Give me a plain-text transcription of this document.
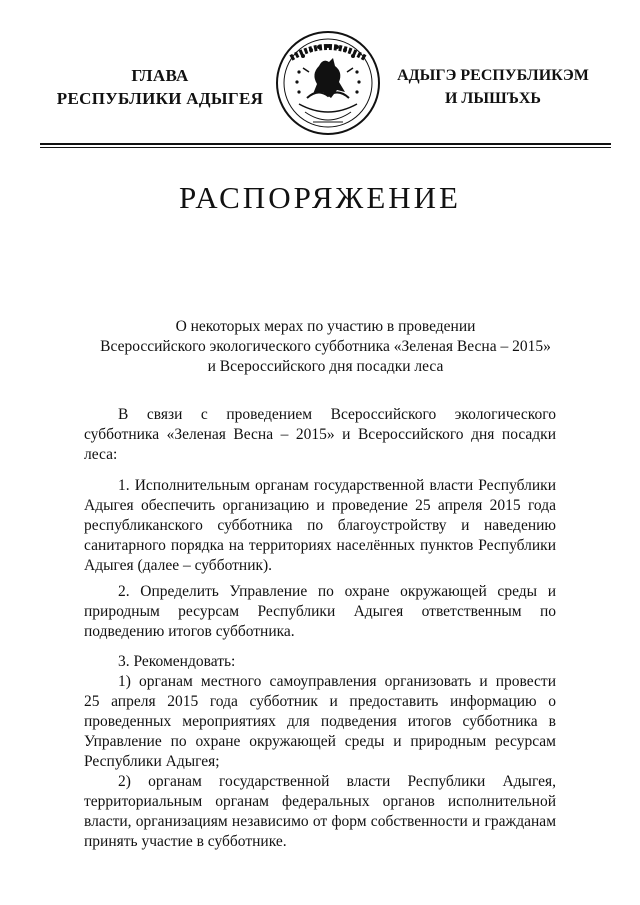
ГЛАВА
РЕСПУБЛИКИ АДЫГЕЯ
АДЫГЭ РЕСПУБЛИКЭМ
И ЛЫШЪХЬ
РАСПОРЯЖЕНИЕ
О некоторых мерах по участию в проведении
Всероссийского экологического субботника «Зеленая Весна – 2015»
и Всероссийского дня посадки леса
В связи с проведением Всероссийского экологического
субботника «Зеленая Весна – 2015» и Всероссийского дня посадки
леса:
1. Исполнительным органам государственной власти Республики
Адыгея обеспечить организацию и проведение 25 апреля 2015 года
республиканского субботника по благоустройству и наведению
санитарного порядка на территориях населённых пунктов Республики
Адыгея (далее – субботник).
2. Определить Управление по охране окружающей среды и
природным ресурсам Республики Адыгея ответственным по
подведению итогов субботника.
3. Рекомендовать:
1) органам местного самоуправления организовать и провести
25 апреля 2015 года субботник и предоставить информацию о
проведенных мероприятиях для подведения итогов субботника в
Управление по охране окружающей среды и природным ресурсам
Республики Адыгея;
2) органам государственной власти Республики Адыгея,
территориальным органам федеральных органов исполнительной
власти, организациям независимо от форм собственности и гражданам
принять участие в субботнике.
